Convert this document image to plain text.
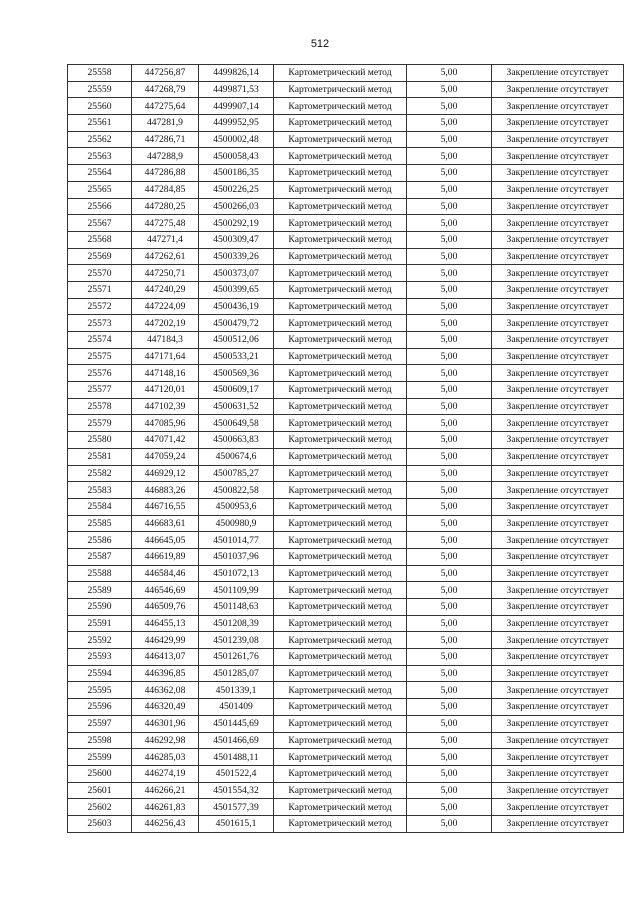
512
25558	447256,87	4499826,14	Картометрический метод	5,00	Закрепление отсутствует
25559	447268,79	4499871,53	Картометрический метод	5,00	Закрепление отсутствует
25560	447275,64	4499907,14	Картометрический метод	5,00	Закрепление отсутствует
25561	447281,9	4499952,95	Картометрический метод	5,00	Закрепление отсутствует
25562	447286,71	4500002,48	Картометрический метод	5,00	Закрепление отсутствует
25563	447288,9	4500058,43	Картометрический метод	5,00	Закрепление отсутствует
25564	447286,88	4500186,35	Картометрический метод	5,00	Закрепление отсутствует
25565	447284,85	4500226,25	Картометрический метод	5,00	Закрепление отсутствует
25566	447280,25	4500266,03	Картометрический метод	5,00	Закрепление отсутствует
25567	447275,48	4500292,19	Картометрический метод	5,00	Закрепление отсутствует
25568	447271,4	4500309,47	Картометрический метод	5,00	Закрепление отсутствует
25569	447262,61	4500339,26	Картометрический метод	5,00	Закрепление отсутствует
25570	447250,71	4500373,07	Картометрический метод	5,00	Закрепление отсутствует
25571	447240,29	4500399,65	Картометрический метод	5,00	Закрепление отсутствует
25572	447224,09	4500436,19	Картометрический метод	5,00	Закрепление отсутствует
25573	447202,19	4500479,72	Картометрический метод	5,00	Закрепление отсутствует
25574	447184,3	4500512,06	Картометрический метод	5,00	Закрепление отсутствует
25575	447171,64	4500533,21	Картометрический метод	5,00	Закрепление отсутствует
25576	447148,16	4500569,36	Картометрический метод	5,00	Закрепление отсутствует
25577	447120,01	4500609,17	Картометрический метод	5,00	Закрепление отсутствует
25578	447102,39	4500631,52	Картометрический метод	5,00	Закрепление отсутствует
25579	447085,96	4500649,58	Картометрический метод	5,00	Закрепление отсутствует
25580	447071,42	4500663,83	Картометрический метод	5,00	Закрепление отсутствует
25581	447059,24	4500674,6	Картометрический метод	5,00	Закрепление отсутствует
25582	446929,12	4500785,27	Картометрический метод	5,00	Закрепление отсутствует
25583	446883,26	4500822,58	Картометрический метод	5,00	Закрепление отсутствует
25584	446716,55	4500953,6	Картометрический метод	5,00	Закрепление отсутствует
25585	446683,61	4500980,9	Картометрический метод	5,00	Закрепление отсутствует
25586	446645,05	4501014,77	Картометрический метод	5,00	Закрепление отсутствует
25587	446619,89	4501037,96	Картометрический метод	5,00	Закрепление отсутствует
25588	446584,46	4501072,13	Картометрический метод	5,00	Закрепление отсутствует
25589	446546,69	4501109,99	Картометрический метод	5,00	Закрепление отсутствует
25590	446509,76	4501148,63	Картометрический метод	5,00	Закрепление отсутствует
25591	446455,13	4501208,39	Картометрический метод	5,00	Закрепление отсутствует
25592	446429,99	4501239,08	Картометрический метод	5,00	Закрепление отсутствует
25593	446413,07	4501261,76	Картометрический метод	5,00	Закрепление отсутствует
25594	446396,85	4501285,07	Картометрический метод	5,00	Закрепление отсутствует
25595	446362,08	4501339,1	Картометрический метод	5,00	Закрепление отсутствует
25596	446320,49	4501409	Картометрический метод	5,00	Закрепление отсутствует
25597	446301,96	4501445,69	Картометрический метод	5,00	Закрепление отсутствует
25598	446292,98	4501466,69	Картометрический метод	5,00	Закрепление отсутствует
25599	446285,03	4501488,11	Картометрический метод	5,00	Закрепление отсутствует
25600	446274,19	4501522,4	Картометрический метод	5,00	Закрепление отсутствует
25601	446266,21	4501554,32	Картометрический метод	5,00	Закрепление отсутствует
25602	446261,83	4501577,39	Картометрический метод	5,00	Закрепление отсутствует
25603	446256,43	4501615,1	Картометрический метод	5,00	Закрепление отсутствует
